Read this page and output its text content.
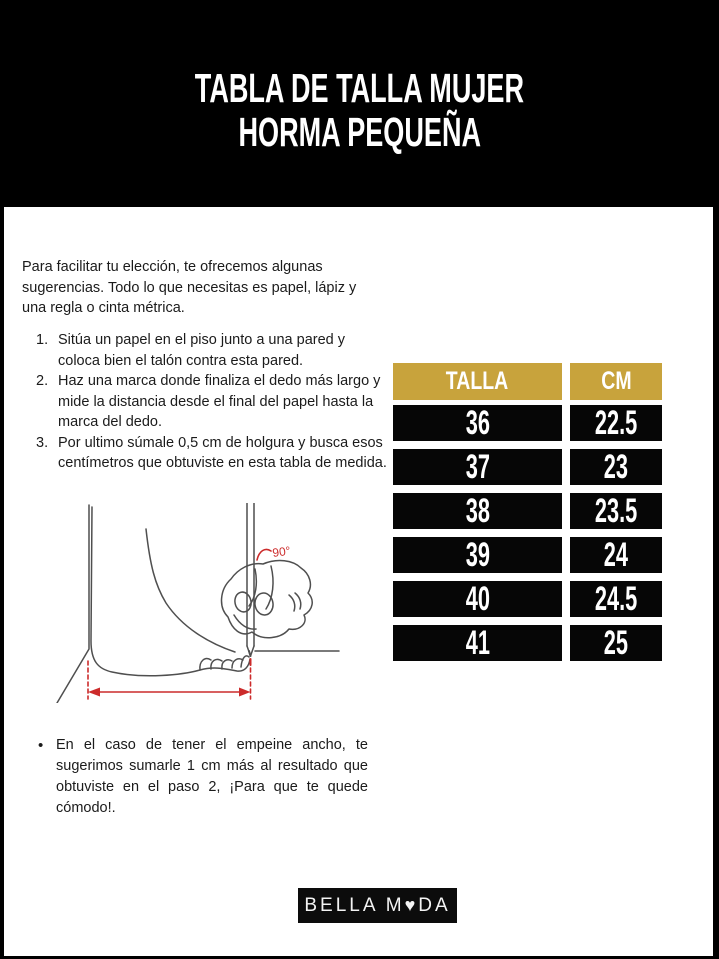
TABLA DE TALLA MUJER
HORMA PEQUEÑA

Para facilitar tu elección, te ofrecemos algunas sugerencias. Todo lo que necesitas es papel, lápiz y una regla o cinta métrica.

1. Sitúa un papel en el piso junto a una pared y coloca bien el talón contra esta pared.
2. Haz una marca donde finaliza el dedo más largo y mide la distancia desde el final del papel hasta la marca del dedo.
3. Por ultimo súmale 0,5 cm de holgura y busca esos centímetros que obtuviste en esta tabla de medida.
TALLA	CM
36	22.5
37	23
38	23.5
39	24
40	24.5
41	25
90°
• En el caso de tener el empeine ancho, te sugerimos sumarle 1 cm más al resultado que obtuviste en el paso 2, ¡Para que te quede cómodo!.
BELLA M ♥ DA
